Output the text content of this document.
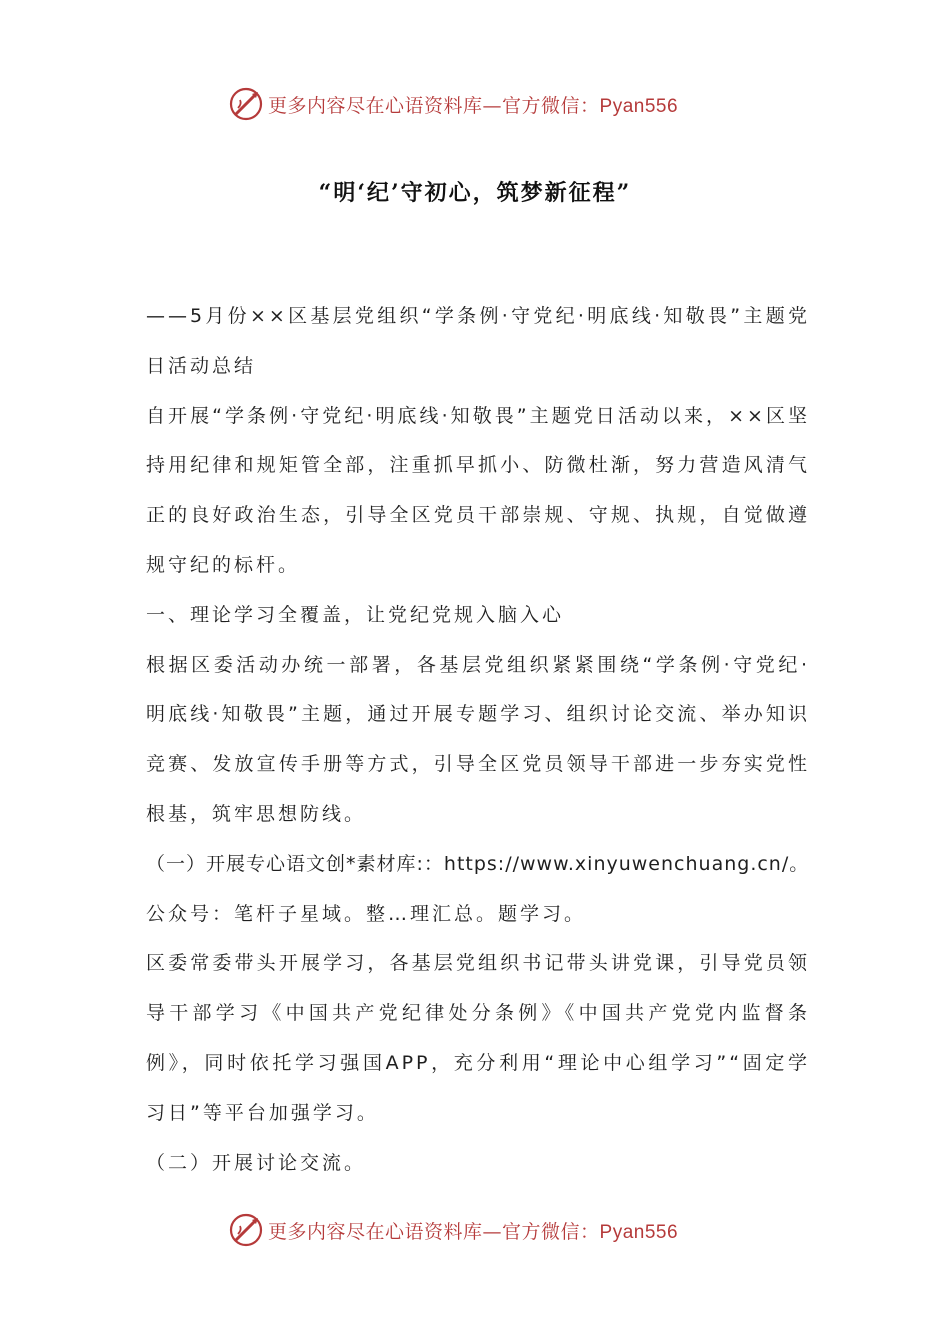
更多内容尽在心语资料库—官方微信：Pyan556
“明‘纪’守初心，筑梦新征程”

——5月份××区基层党组织“学条例·守党纪·明底线·知敬畏”主题党日活动总结

自开展“学条例·守党纪·明底线·知敬畏”主题党日活动以来，××区坚持用纪律和规矩管全部，注重抓早抓小、防微杜渐，努力营造风清气正的良好政治生态，引导全区党员干部崇规、守规、执规，自觉做遵规守纪的标杆。

一、理论学习全覆盖，让党纪党规入脑入心

根据区委活动办统一部署，各基层党组织紧紧围绕“学条例·守党纪·明底线·知敬畏”主题，通过开展专题学习、组织讨论交流、举办知识竞赛、发放宣传手册等方式，引导全区党员领导干部进一步夯实党性根基，筑牢思想防线。

（一）开展专心语文创*素材库:：https://www.xinyuwenchuang.cn/。

公众号：笔杆子星域。整…理汇总。题学习。

区委常委带头开展学习，各基层党组织书记带头讲党课，引导党员领导干部学习《中国共产党纪律处分条例》《中国共产党党内监督条例》，同时依托学习强国APP，充分利用“理论中心组学习”“固定学习日”等平台加强学习。

（二）开展讨论交流。

更多内容尽在心语资料库—官方微信：Pyan556
